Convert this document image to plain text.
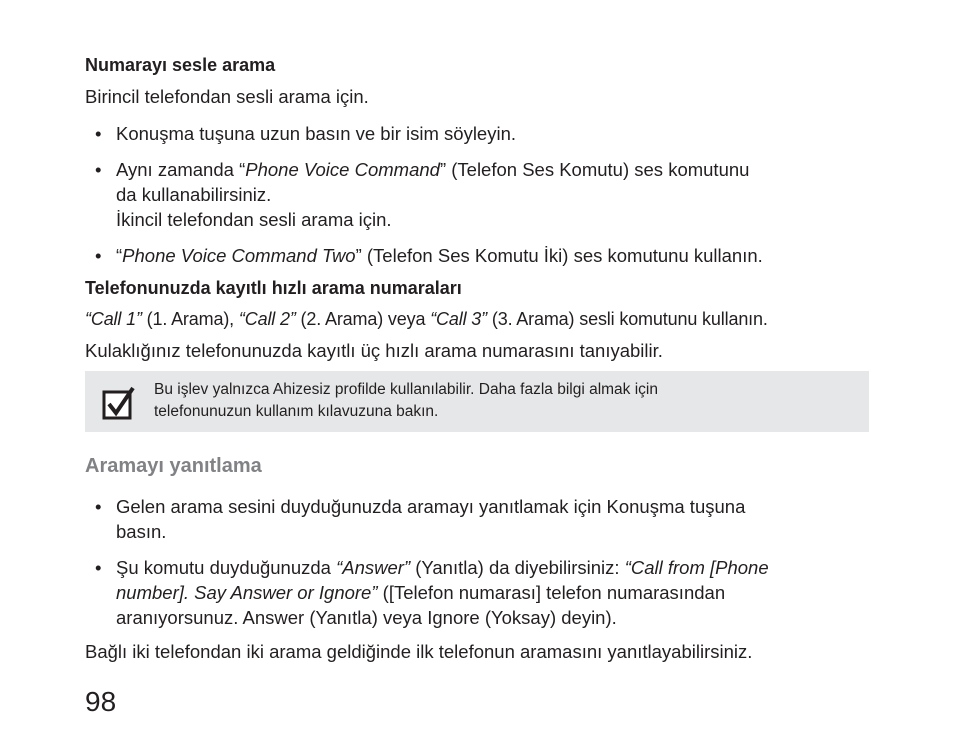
Numarayı sesle arama
Birincil telefondan sesli arama için.
• Konuşma tuşuna uzun basın ve bir isim söyleyin.
• Aynı zamanda “Phone Voice Command” (Telefon Ses Komutu) ses komutunu
da kullanabilirsiniz.
İkincil telefondan sesli arama için.
• “Phone Voice Command Two” (Telefon Ses Komutu İki) ses komutunu kullanın.
Telefonunuzda kayıtlı hızlı arama numaraları
“Call 1” (1. Arama), “Call 2” (2. Arama) veya “Call 3” (3. Arama) sesli komutunu kullanın.
Kulaklığınız telefonunuzda kayıtlı üç hızlı arama numarasını tanıyabilir.
Bu işlev yalnızca Ahizesiz profilde kullanılabilir. Daha fazla bilgi almak için
telefonunuzun kullanım kılavuzuna bakın.
Aramayı yanıtlama
• Gelen arama sesini duyduğunuzda aramayı yanıtlamak için Konuşma tuşuna
basın.
• Şu komutu duyduğunuzda “Answer” (Yanıtla) da diyebilirsiniz: “Call from [Phone
number]. Say Answer or Ignore” ([Telefon numarası] telefon numarasından
aranıyorsunuz. Answer (Yanıtla) veya Ignore (Yoksay) deyin).
Bağlı iki telefondan iki arama geldiğinde ilk telefonun aramasını yanıtlayabilirsiniz.
98
